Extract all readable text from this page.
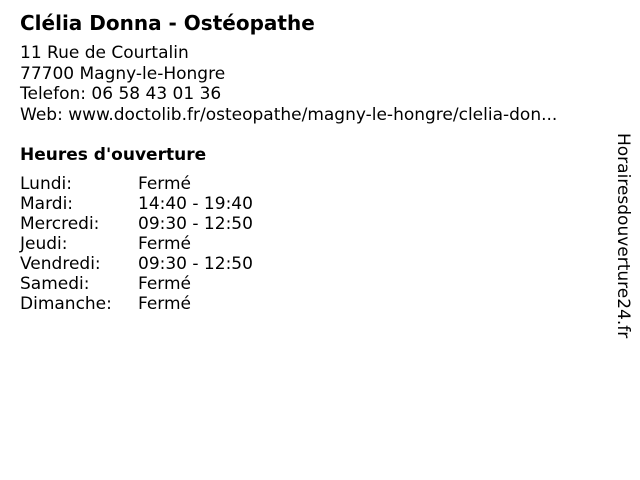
Clélia Donna - Ostéopathe
11 Rue de Courtalin
77700 Magny-le-Hongre
Telefon: 06 58 43 01 36
Web: www.doctolib.fr/osteopathe/magny-le-hongre/clelia-don...
Heures d'ouverture
Lundi:	Fermé
Mardi:	14:40 - 19:40
Mercredi: 09:30 - 12:50
Jeudi:	Fermé
Vendredi: 09:30 - 12:50
Samedi:	Fermé
Dimanche: Fermé	Horairesdouverture24.fr
